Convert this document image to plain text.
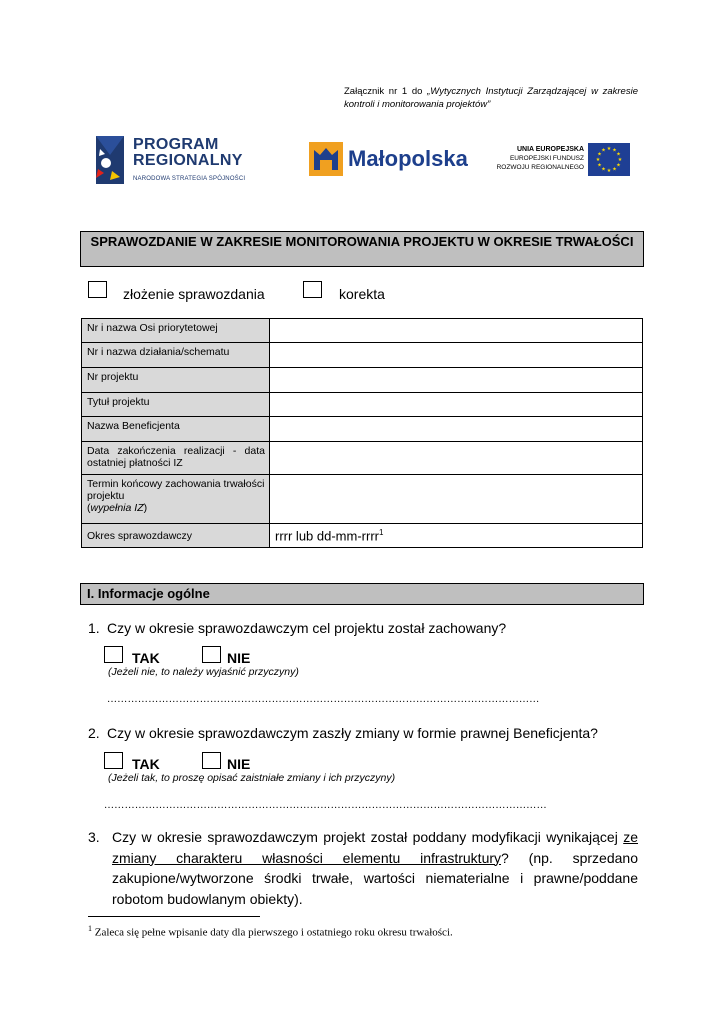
Załącznik nr 1 do „Wytycznych Instytucji Zarządzającej w zakresie kontroli i monitorowania projektów”
PROGRAM
REGIONALNY
NARODOWA STRATEGIA SPÓJNOŚCI
Małopolska	UNIA EUROPEJSKA
EUROPEJSKI FUNDUSZ
ROZWOJU REGIONALNEGO
★ ★
★
★
★
★
★
★
★
★
★
★
SPRAWOZDANIE W ZAKRESIE MONITOROWANIA PROJEKTU W OKRESIE TRWAŁOŚCI
złożenie sprawozdania	korekta
Nr i nazwa Osi priorytetowej	
Nr i nazwa działania/schematu	
Nr projektu	
Tytuł projektu	
Nazwa Beneficjenta	
Data zakończenia realizacji - data ostatniej płatności IZ	
Termin końcowy zachowania trwałości projektu
(wypełnia IZ)	
Okres sprawozdawczy	rrrr lub dd-mm-rrrr$^1$
I. Informacje ogólne
1. Czy w okresie sprawozdawczym cel projektu został zachowany?
TAK	NIE
(Jeżeli nie, to należy wyjaśnić przyczyny)
………………………………………………………………………………………………………………
2. Czy w okresie sprawozdawczym zaszły zmiany w formie prawnej Beneficjenta?
TAK	NIE
(Jeżeli tak, to proszę opisać zaistniałe zmiany i ich przyczyny)
…………………………………………………………………………………………………………………
3. Czy w okresie sprawozdawczym projekt został poddany modyfikacji wynikającej ze zmiany charakteru własności elementu infrastruktury? (np. sprzedano zakupione/wytworzone środki trwałe, wartości niematerialne i prawne/poddane robotom budowlanym obiekty).
$^1$ Zaleca się pełne wpisanie daty dla pierwszego i ostatniego roku okresu trwałości.
